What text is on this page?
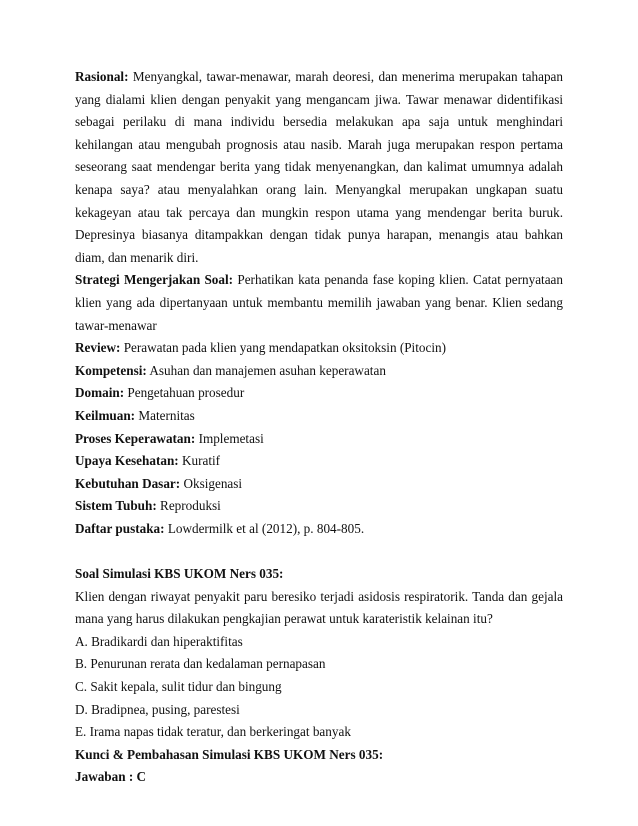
Rasional: Menyangkal, tawar-menawar, marah deoresi, dan menerima merupakan tahapan yang dialami klien dengan penyakit yang mengancam jiwa. Tawar menawar didentifikasi sebagai perilaku di mana individu bersedia melakukan apa saja untuk menghindari kehilangan atau mengubah prognosis atau nasib. Marah juga merupakan respon pertama seseorang saat mendengar berita yang tidak menyenangkan, dan kalimat umumnya adalah kenapa saya? atau menyalahkan orang lain. Menyangkal merupakan ungkapan suatu kekageyan atau tak percaya dan mungkin respon utama yang mendengar berita buruk. Depresinya biasanya ditampakkan dengan tidak punya harapan, menangis atau bahkan diam, dan menarik diri.

Strategi Mengerjakan Soal: Perhatikan kata penanda fase koping klien. Catat pernyataan klien yang ada dipertanyaan untuk membantu memilih jawaban yang benar. Klien sedang tawar-menawar

Review: Perawatan pada klien yang mendapatkan oksitoksin (Pitocin)

Kompetensi: Asuhan dan manajemen asuhan keperawatan

Domain: Pengetahuan prosedur

Keilmuan: Maternitas

Proses Keperawatan: Implemetasi

Upaya Kesehatan: Kuratif

Kebutuhan Dasar: Oksigenasi

Sistem Tubuh: Reproduksi

Daftar pustaka: Lowdermilk et al (2012), p. 804-805.

Soal Simulasi KBS UKOM Ners 035:

Klien dengan riwayat penyakit paru beresiko terjadi asidosis respiratorik. Tanda dan gejala mana yang harus dilakukan pengkajian perawat untuk karateristik kelainan itu?

A. Bradikardi dan hiperaktifitas

B. Penurunan rerata dan kedalaman pernapasan

C. Sakit kepala, sulit tidur dan bingung

D. Bradipnea, pusing, parestesi

E. Irama napas tidak teratur, dan berkeringat banyak

Kunci & Pembahasan Simulasi KBS UKOM Ners 035:

Jawaban : C
